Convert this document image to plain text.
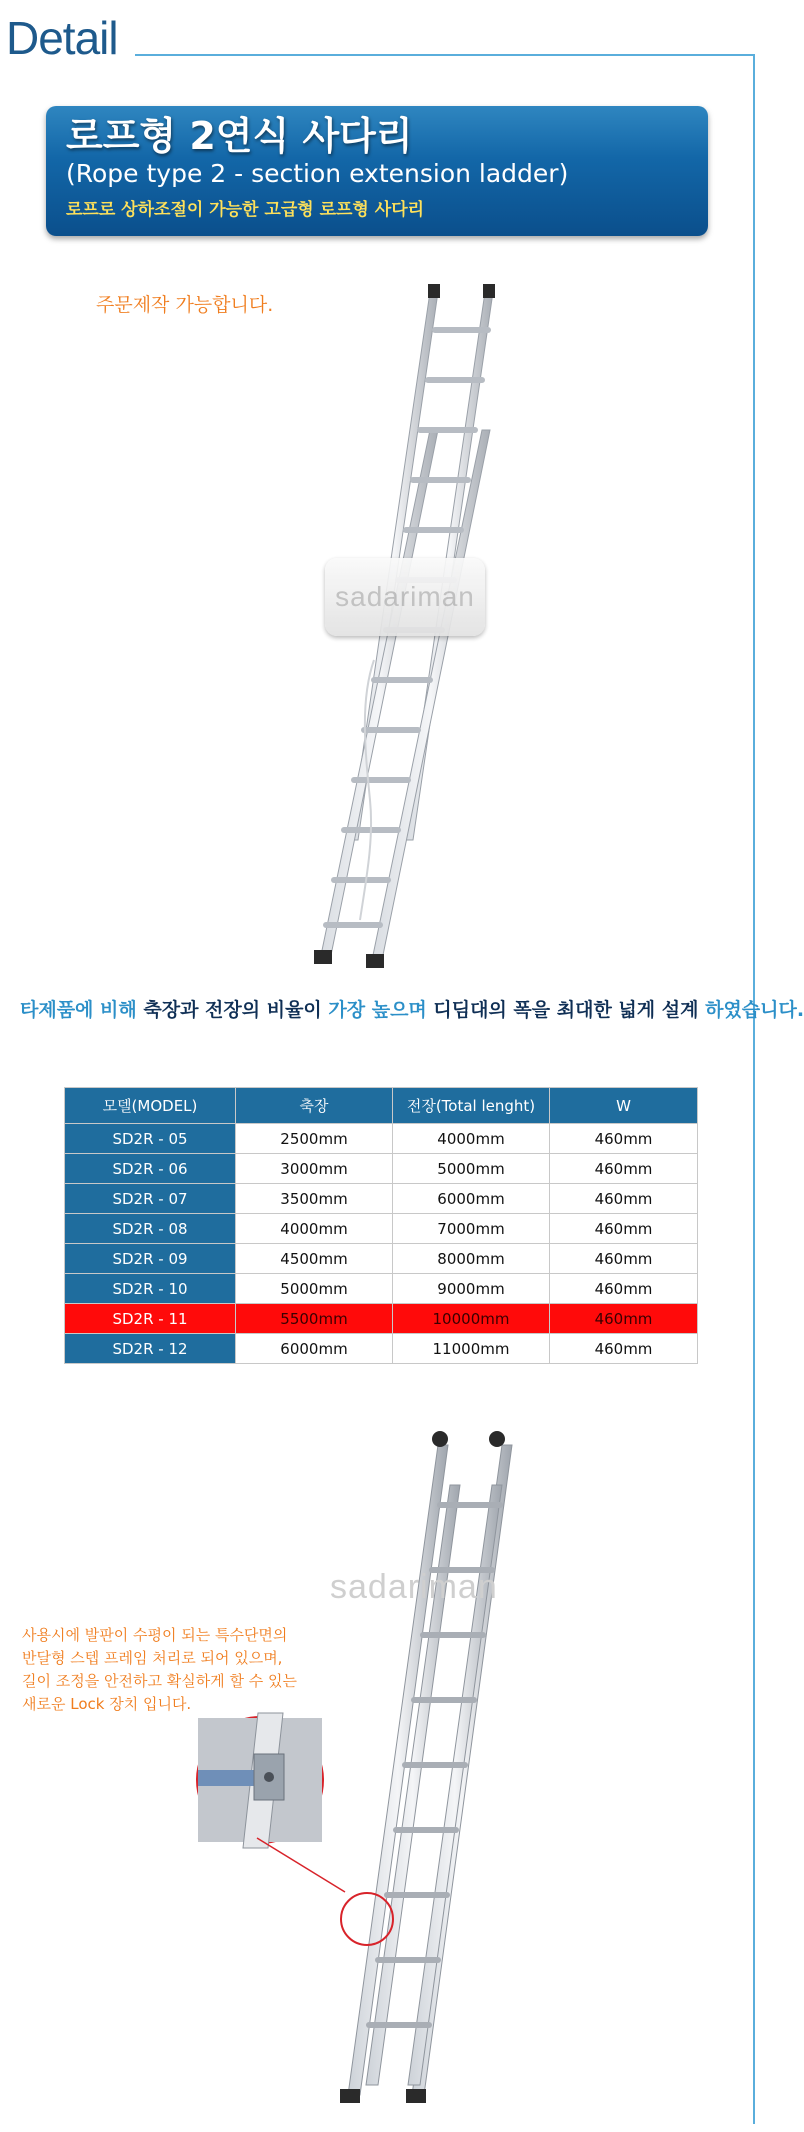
Detail
로프형 2연식 사다리
(Rope type 2 - section extension ladder)
로프로 상하조절이 가능한 고급형 로프형 사다리
주문제작 가능합니다.
sadariman
타제품에 비해 축장과 전장의 비율이 가장 높으며 디딤대의 폭을 최대한 넓게 설계 하였습니다.
모델(MODEL)	축장	전장(Total lenght)	W
SD2R - 05	2500mm	4000mm	460mm
SD2R - 06	3000mm	5000mm	460mm
SD2R - 07	3500mm	6000mm	460mm
SD2R - 08	4000mm	7000mm	460mm
SD2R - 09	4500mm	8000mm	460mm
SD2R - 10	5000mm	9000mm	460mm
SD2R - 11	5500mm	10000mm	460mm
SD2R - 12	6000mm	11000mm	460mm
sadariman
사용시에 발판이 수평이 되는 특수단면의
반달형 스텝 프레임 처리로 되어 있으며,
길이 조정을 안전하고 확실하게 할 수 있는
새로운 Lock 장치 입니다.
